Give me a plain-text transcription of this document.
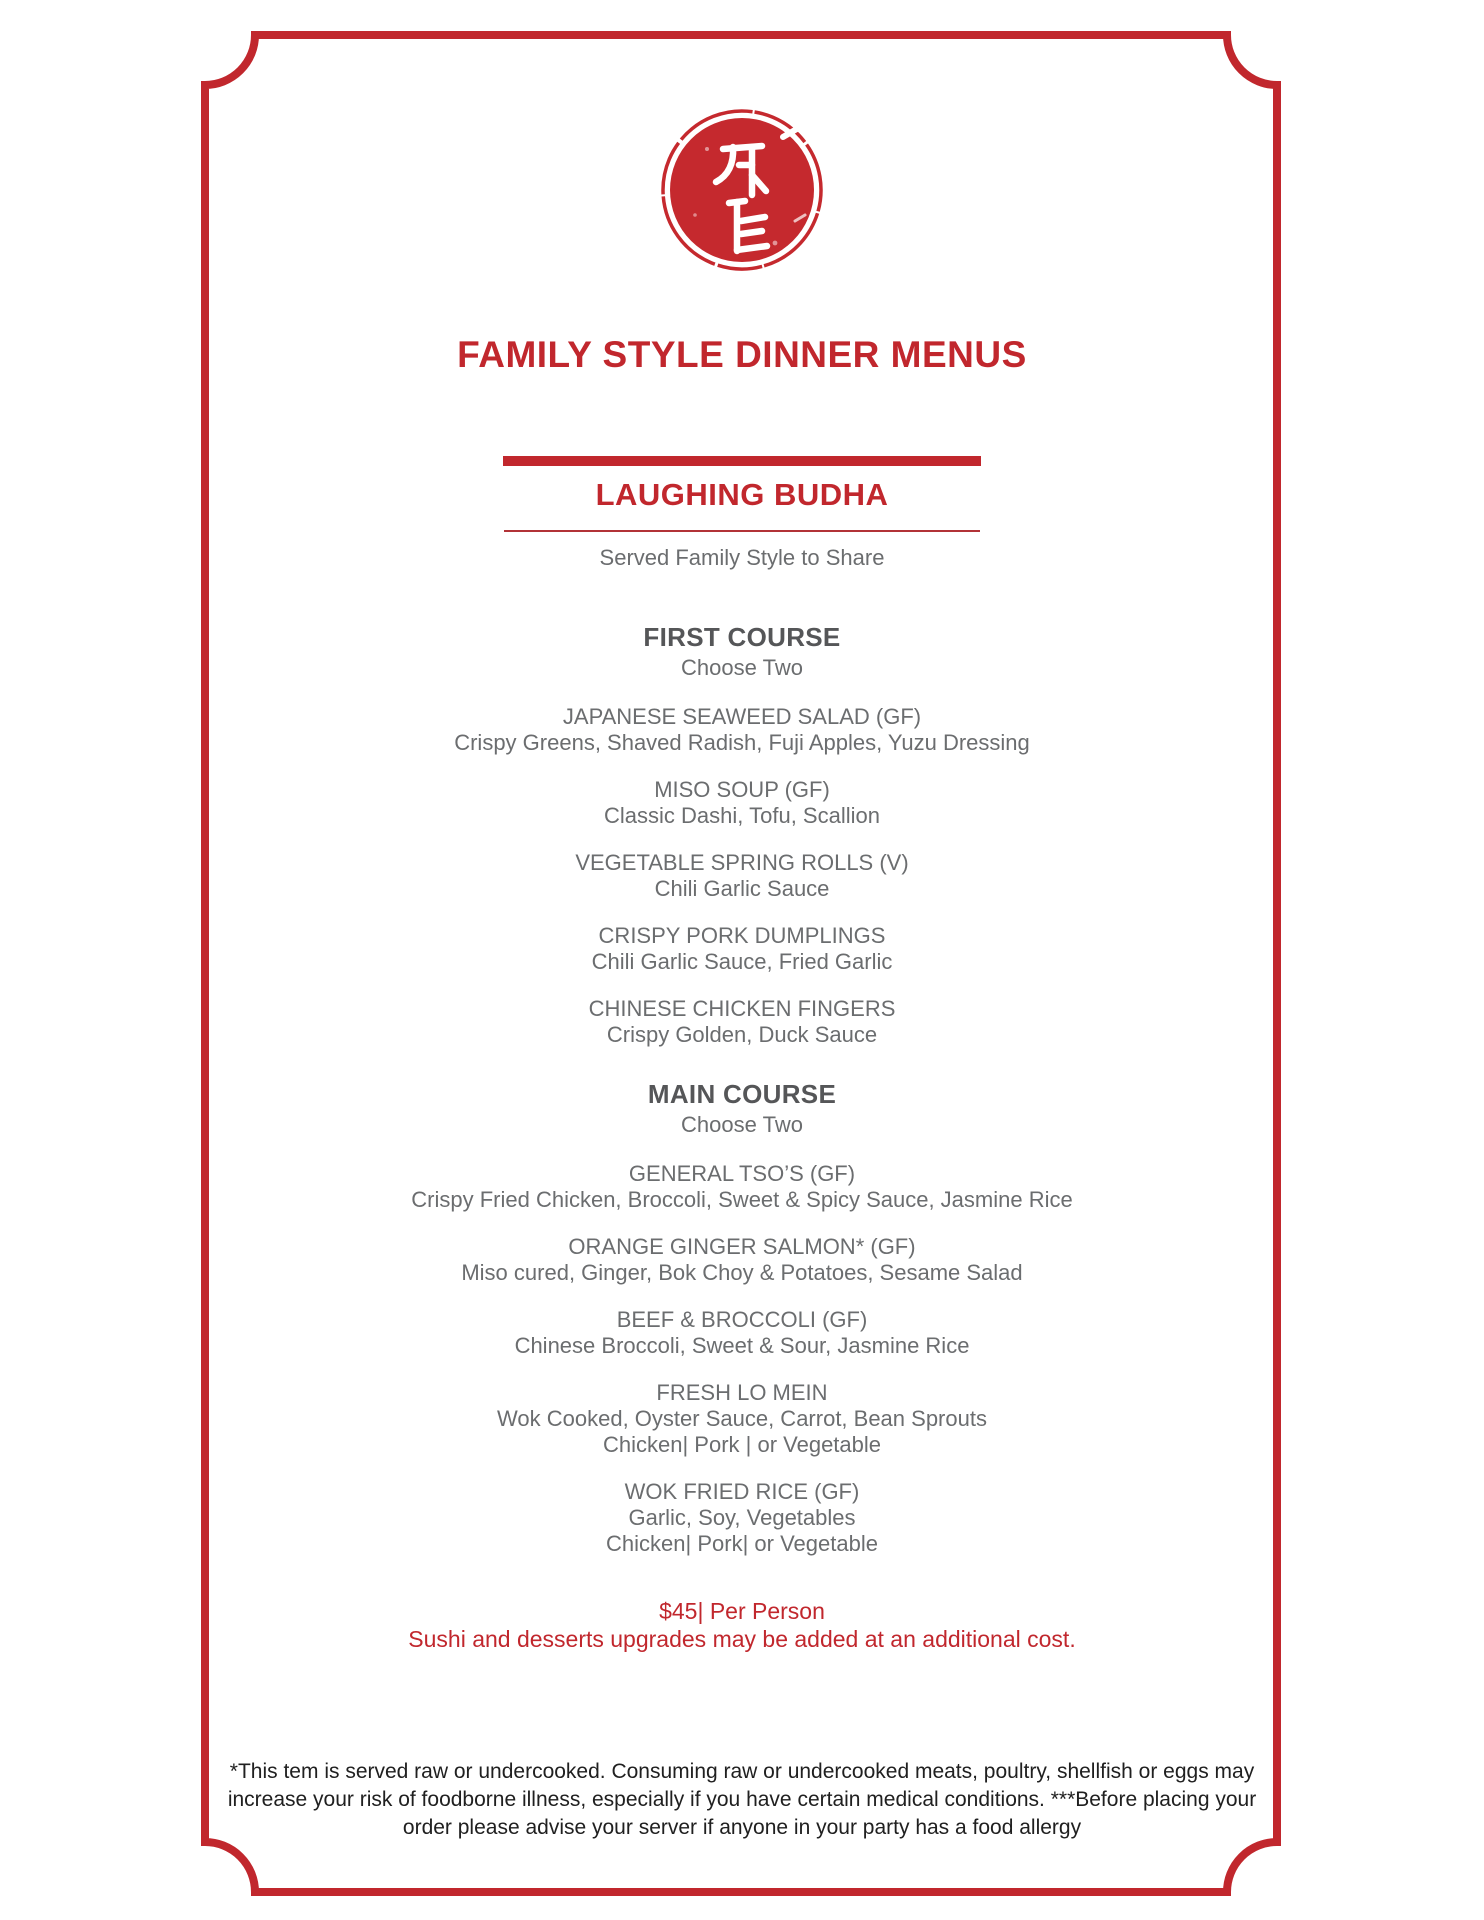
FAMILY STYLE DINNER MENUS
LAUGHING BUDHA

Served Family Style to Share

FIRST COURSE

Choose Two

JAPANESE SEAWEED SALAD (GF)

Crispy Greens, Shaved Radish, Fuji Apples, Yuzu Dressing

MISO SOUP (GF)

Classic Dashi, Tofu, Scallion

VEGETABLE SPRING ROLLS (V)

Chili Garlic Sauce

CRISPY PORK DUMPLINGS

Chili Garlic Sauce, Fried Garlic

CHINESE CHICKEN FINGERS

Crispy Golden, Duck Sauce

MAIN COURSE

Choose Two

GENERAL TSO’S (GF)

Crispy Fried Chicken, Broccoli, Sweet & Spicy Sauce, Jasmine Rice

ORANGE GINGER SALMON* (GF)

Miso cured, Ginger, Bok Choy & Potatoes, Sesame Salad

BEEF & BROCCOLI (GF)

Chinese Broccoli, Sweet & Sour, Jasmine Rice

FRESH LO MEIN

Wok Cooked, Oyster Sauce, Carrot, Bean Sprouts

Chicken| Pork | or Vegetable

WOK FRIED RICE (GF)

Garlic, Soy, Vegetables

Chicken| Pork| or Vegetable

$45| Per Person

Sushi and desserts upgrades may be added at an additional cost.

*This tem is served raw or undercooked. Consuming raw or undercooked meats, poultry, shellfish or eggs may increase your risk of foodborne illness, especially if you have certain medical conditions. ***Before placing your order please advise your server if anyone in your party has a food allergy
